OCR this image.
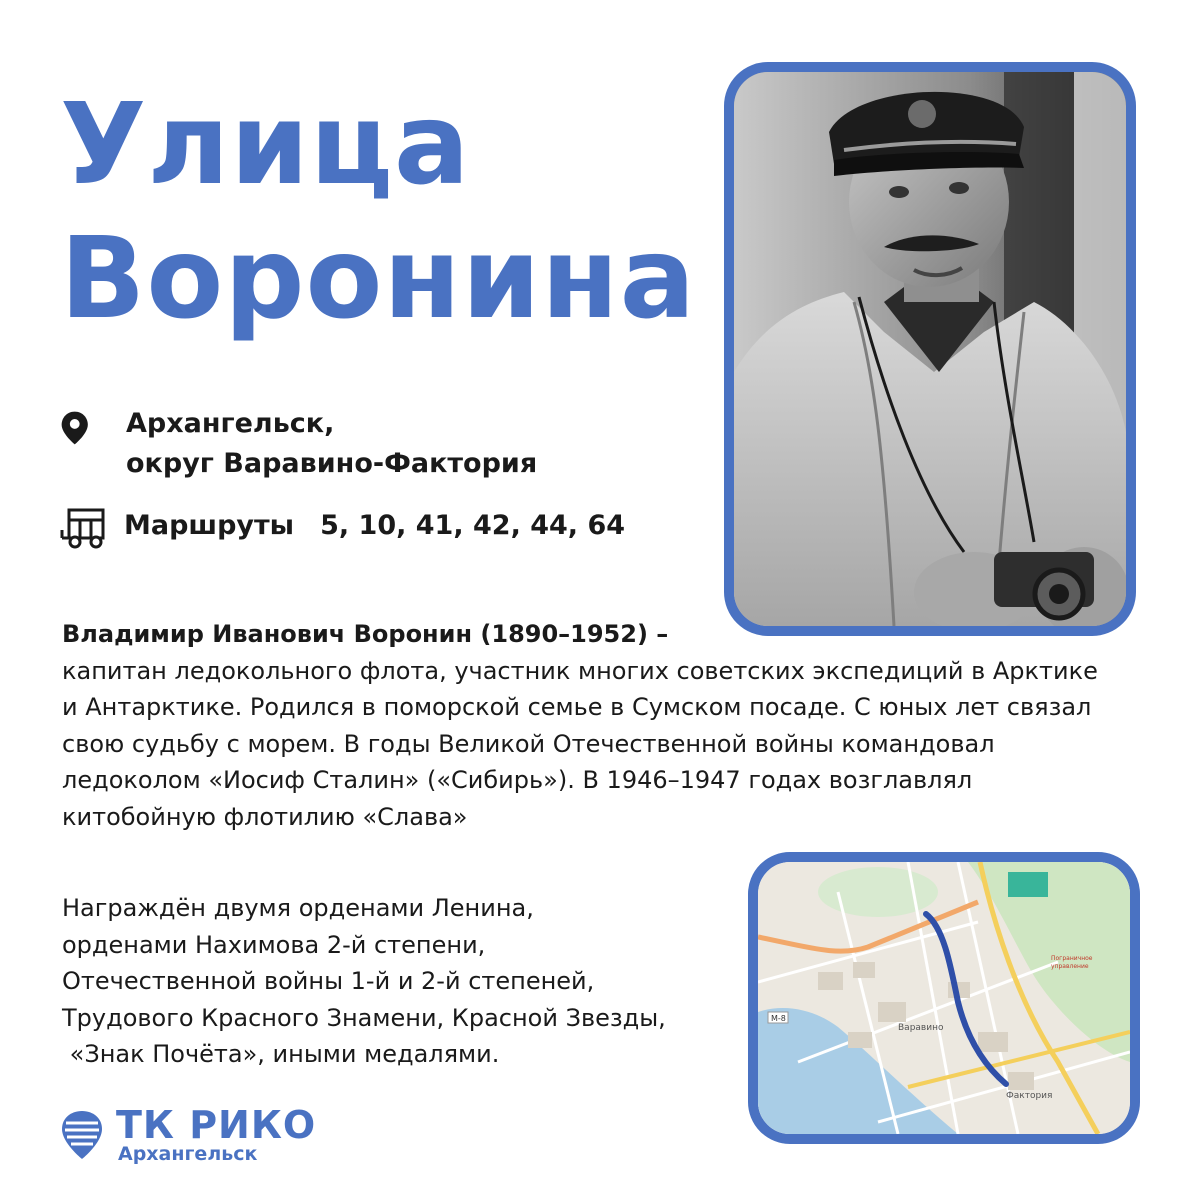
Улица
Воронина
Архангельск,
округ Варавино-Фактория
Маршруты 5, 10, 41, 42, 44, 64
Владимир Иванович Воронин (1890–1952) –
капитан ледокольного флота, участник многих советских экспедиций в Арктике и Антарктике. Родился в поморской семье в Сумском посаде. С юных лет связал свою судьбу с морем. В годы Великой Отечественной войны командовал ледоколом «Иосиф Сталин» («Сибирь»). В 1946–1947 годах возглавлял китобойную флотилию «Слава»
Награждён двумя орденами Ленина,
орденами Нахимова 2-й степени,
Отечественной войны 1-й и 2-й степеней,
Трудового Красного Знамени, Красной Звезды,
«Знак Почёта», иными медалями.
Варавино
Фактория
М-8
Пограничное
управление
ТК РИКО
Архангельск
